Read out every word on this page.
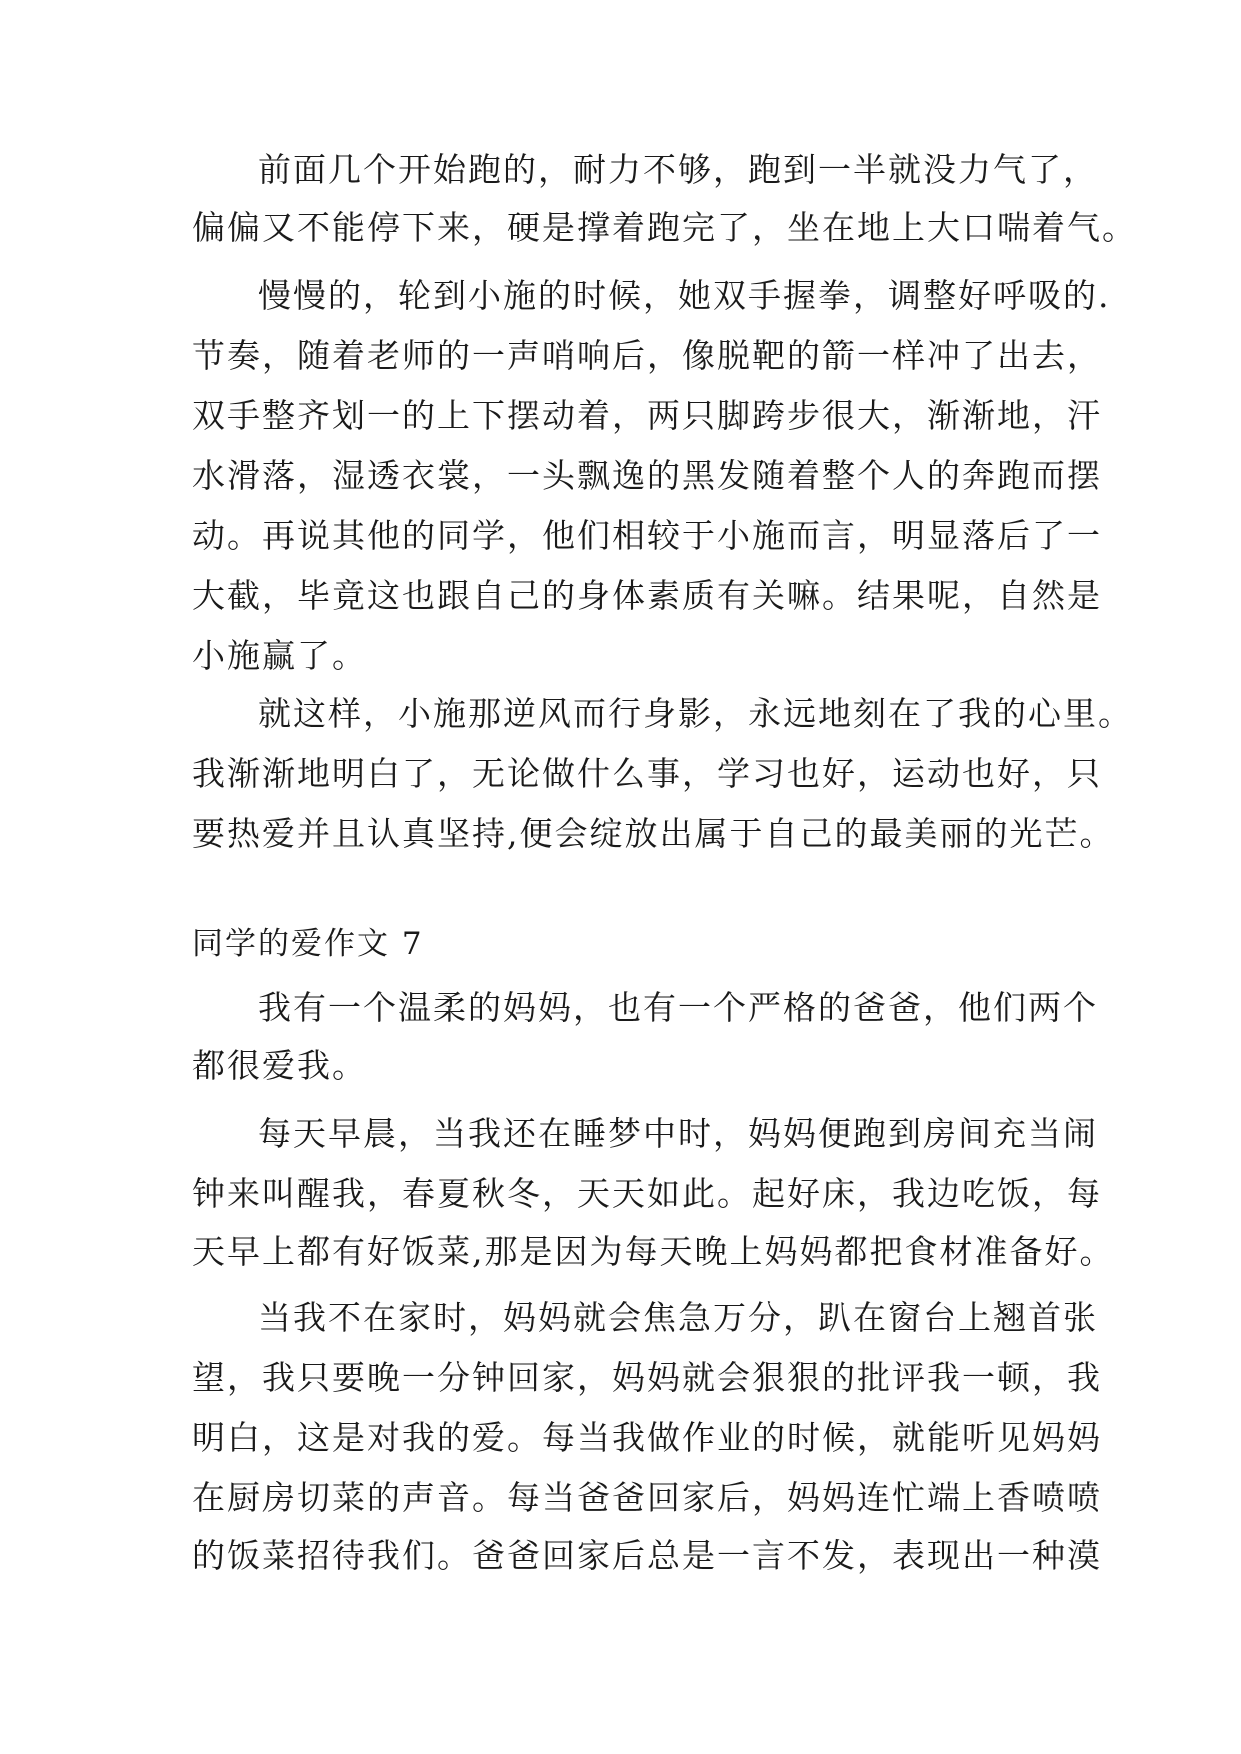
前面几个开始跑的，耐力不够，跑到一半就没力气了，

偏偏又不能停下来，硬是撑着跑完了，坐在地上大口喘着气。

慢慢的，轮到小施的时候，她双手握拳，调整好呼吸的.

节奏，随着老师的一声哨响后，像脱靶的箭一样冲了出去，

双手整齐划一的上下摆动着，两只脚跨步很大，渐渐地，汗

水滑落，湿透衣裳，一头飘逸的黑发随着整个人的奔跑而摆

动。再说其他的同学，他们相较于小施而言，明显落后了一

大截，毕竟这也跟自己的身体素质有关嘛。结果呢，自然是

小施赢了。

就这样，小施那逆风而行身影，永远地刻在了我的心里。

我渐渐地明白了，无论做什么事，学习也好，运动也好，只

要热爱并且认真坚持,便会绽放出属于自己的最美丽的光芒。

同学的爱作文 7

我有一个温柔的妈妈，也有一个严格的爸爸，他们两个

都很爱我。

每天早晨，当我还在睡梦中时，妈妈便跑到房间充当闹

钟来叫醒我，春夏秋冬，天天如此。起好床，我边吃饭，每

天早上都有好饭菜,那是因为每天晚上妈妈都把食材准备好。

当我不在家时，妈妈就会焦急万分，趴在窗台上翘首张

望，我只要晚一分钟回家，妈妈就会狠狠的批评我一顿，我

明白，这是对我的爱。每当我做作业的时候，就能听见妈妈

在厨房切菜的声音。每当爸爸回家后，妈妈连忙端上香喷喷

的饭菜招待我们。爸爸回家后总是一言不发，表现出一种漠
